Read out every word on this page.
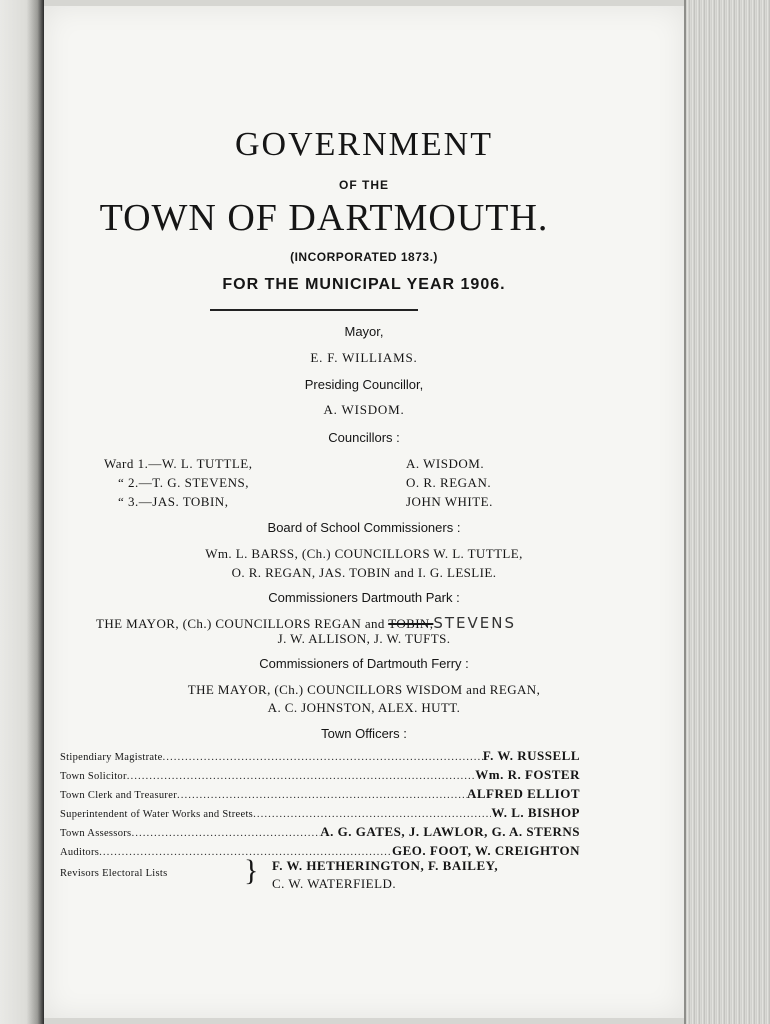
GOVERNMENT
OF THE
TOWN OF DARTMOUTH.
(INCORPORATED 1873.)
FOR THE MUNICIPAL YEAR 1906.
Mayor,
E. F. WILLIAMS.
Presiding Councillor,
A. WISDOM.
Councillors :
Ward 1.—W. L. TUTTLE,	A. WISDOM.
“ 2.—T. G. STEVENS,	O. R. REGAN.
“ 3.—JAS. TOBIN,	JOHN WHITE.
Board of School Commissioners :
Wm. L. BARSS, (Ch.) COUNCILLORS W. L. TUTTLE,
O. R. REGAN, JAS. TOBIN and I. G. LESLIE.
Commissioners Dartmouth Park :
THE MAYOR, (Ch.) COUNCILLORS REGAN and TOBIN,STEVENS
J. W. ALLISON, J. W. TUFTS.
Commissioners of Dartmouth Ferry :
THE MAYOR, (Ch.) COUNCILLORS WISDOM and REGAN,
A. C. JOHNSTON, ALEX. HUTT.
Town Officers :
Stipendiary Magistrate .....	F. W. RUSSELL
Town Solicitor .....	Wm. R. FOSTER
Town Clerk and Treasurer .....	ALFRED ELLIOT
Superintendent of Water Works and Streets .....	W. L. BISHOP
Town Assessors .....	A. G. GATES, J. LAWLOR, G. A. STERNS
Auditors .....	GEO. FOOT, W. CREIGHTON
Revisors Electoral Lists	} F. W. HETHERINGTON, F. BAILEY,
C. W. WATERFIELD.
